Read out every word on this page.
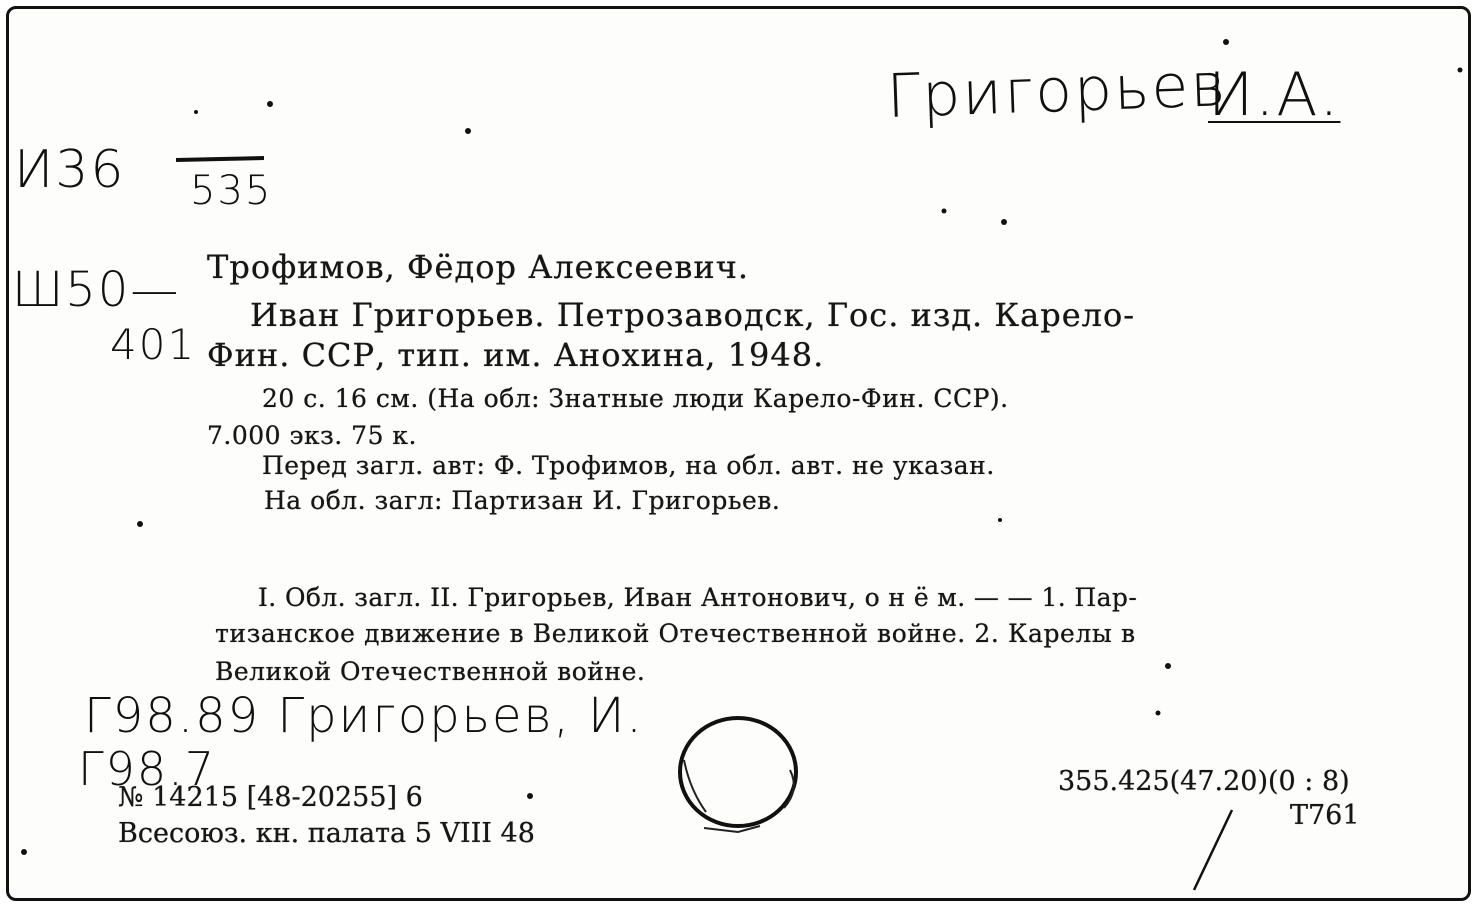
Григорьев
И.А.
И36 535
Ш50—
401
Г98.89 Григорьев, И.
Г98.7
Трофимов, Фёдор Алексеевич.
Иван Григорьев. Петрозаводск, Гос. изд. Карело-
Фин. ССР, тип. им. Анохина, 1948.
20 с. 16 см. (На обл: Знатные люди Карело-Фин. ССР).
7.000 экз. 75 к.
Перед загл. авт: Ф. Трофимов, на обл. авт. не указан.
На обл. загл: Партизан И. Григорьев.
I. Обл. загл. II. Григорьев, Иван Антонович, о н ё м. — — 1. Пар-
тизанское движение в Великой Отечественной войне. 2. Карелы в
Великой Отечественной войне.
№ 14215 [48-20255] 6
Всесоюз. кн. палата 5 VIII 48
355.425(47.20)(0 : 8)
Т761
